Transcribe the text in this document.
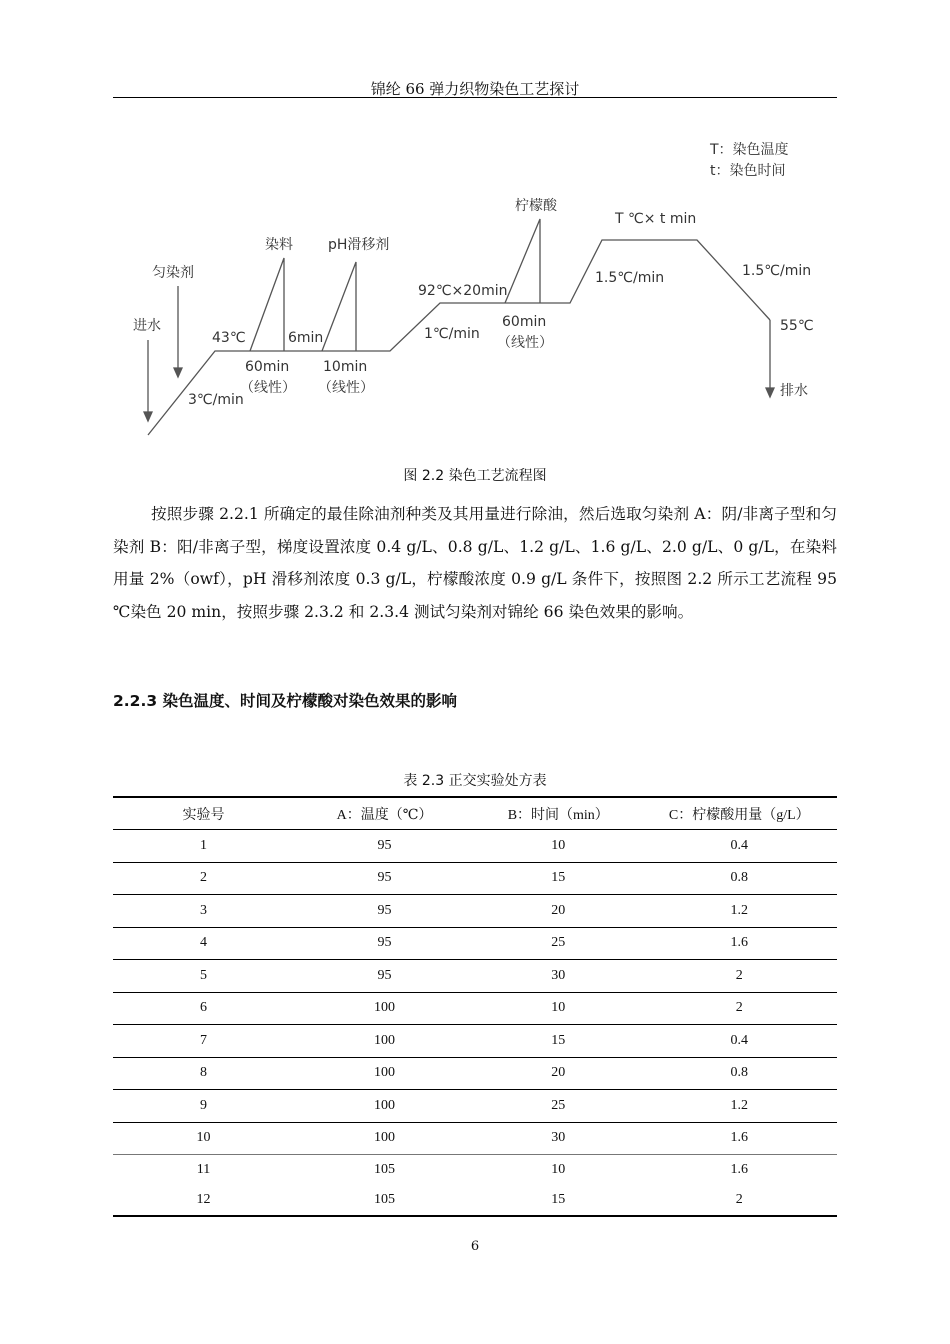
锦纶 66 弹力织物染色工艺探讨
T：染色温度
t：染色时间
进水
匀染剂
3℃/min
43℃
染料
6min
60min
（线性）
pH滑移剂
10min
（线性）
1℃/min
92℃×20min
柠檬酸
60min
（线性）
1.5℃/min
T ℃× t min
1.5℃/min
55℃
排水
图 2.2 染色工艺流程图

按照步骤 2.2.1 所确定的最佳除油剂种类及其用量进行除油，然后选取匀染剂 A：阴/非离子型和匀染剂 B：阳/非离子型，梯度设置浓度 0.4 g/L、0.8 g/L、1.2 g/L、1.6 g/L、2.0 g/L、0 g/L，在染料用量 2%（owf），pH 滑移剂浓度 0.3 g/L，柠檬酸浓度 0.9 g/L 条件下，按照图 2.2 所示工艺流程 95 ℃染色 20 min，按照步骤 2.3.2 和 2.3.4 测试匀染剂对锦纶 66 染色效果的影响。

2.2.3 染色温度、时间及柠檬酸对染色效果的影响
表 2.3 正交实验处方表
实验号	A：温度（℃）	B：时间（min）	C：柠檬酸用量（g/L）
1	95	10	0.4
2	95	15	0.8
3	95	20	1.2
4	95	25	1.6
5	95	30	2
6	100	10	2
7	100	15	0.4
8	100	20	0.8
9	100	25	1.2
10	100	30	1.6
11	105	10	1.6
12	105	15	2
6
